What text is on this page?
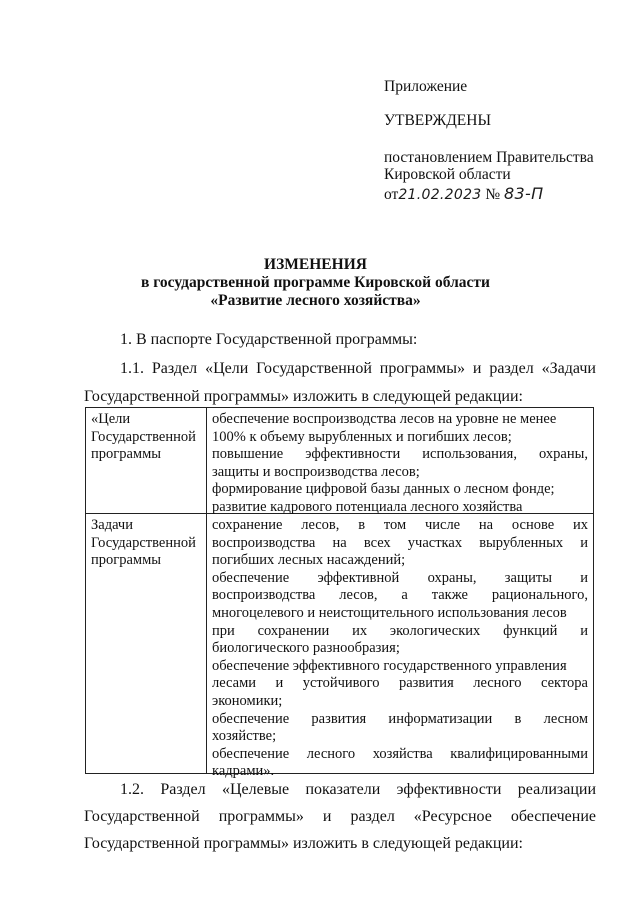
Приложение
УТВЕРЖДЕНЫ
постановлением Правительства
Кировской области
от21.02.2023 № 83-П
ИЗМЕНЕНИЯ
в государственной программе Кировской области
«Развитие лесного хозяйства»
1. В паспорте Государственной программы:
1.1. Раздел «Цели Государственной программы» и раздел «Задачи
Государственной программы» изложить в следующей редакции:
«Цели
Государственной
программы
обеспечение воспроизводства лесов на уровне не менее
100% к объему вырубленных и погибших лесов;
повышение эффективности использования, охраны,
защиты и воспроизводства лесов;
формирование цифровой базы данных о лесном фонде;
развитие кадрового потенциала лесного хозяйства
Задачи
Государственной
программы
сохранение лесов, в том числе на основе их
воспроизводства на всех участках вырубленных и
погибших лесных насаждений;
обеспечение эффективной охраны, защиты и
воспроизводства лесов, а также рационального,
многоцелевого и неистощительного использования лесов
при сохранении их экологических функций и
биологического разнообразия;
обеспечение эффективного государственного управления
лесами и устойчивого развития лесного сектора
экономики;
обеспечение развития информатизации в лесном
хозяйстве;
обеспечение лесного хозяйства квалифицированными
кадрами».
1.2. Раздел «Целевые показатели эффективности реализации
Государственной программы» и раздел «Ресурсное обеспечение
Государственной программы» изложить в следующей редакции:
